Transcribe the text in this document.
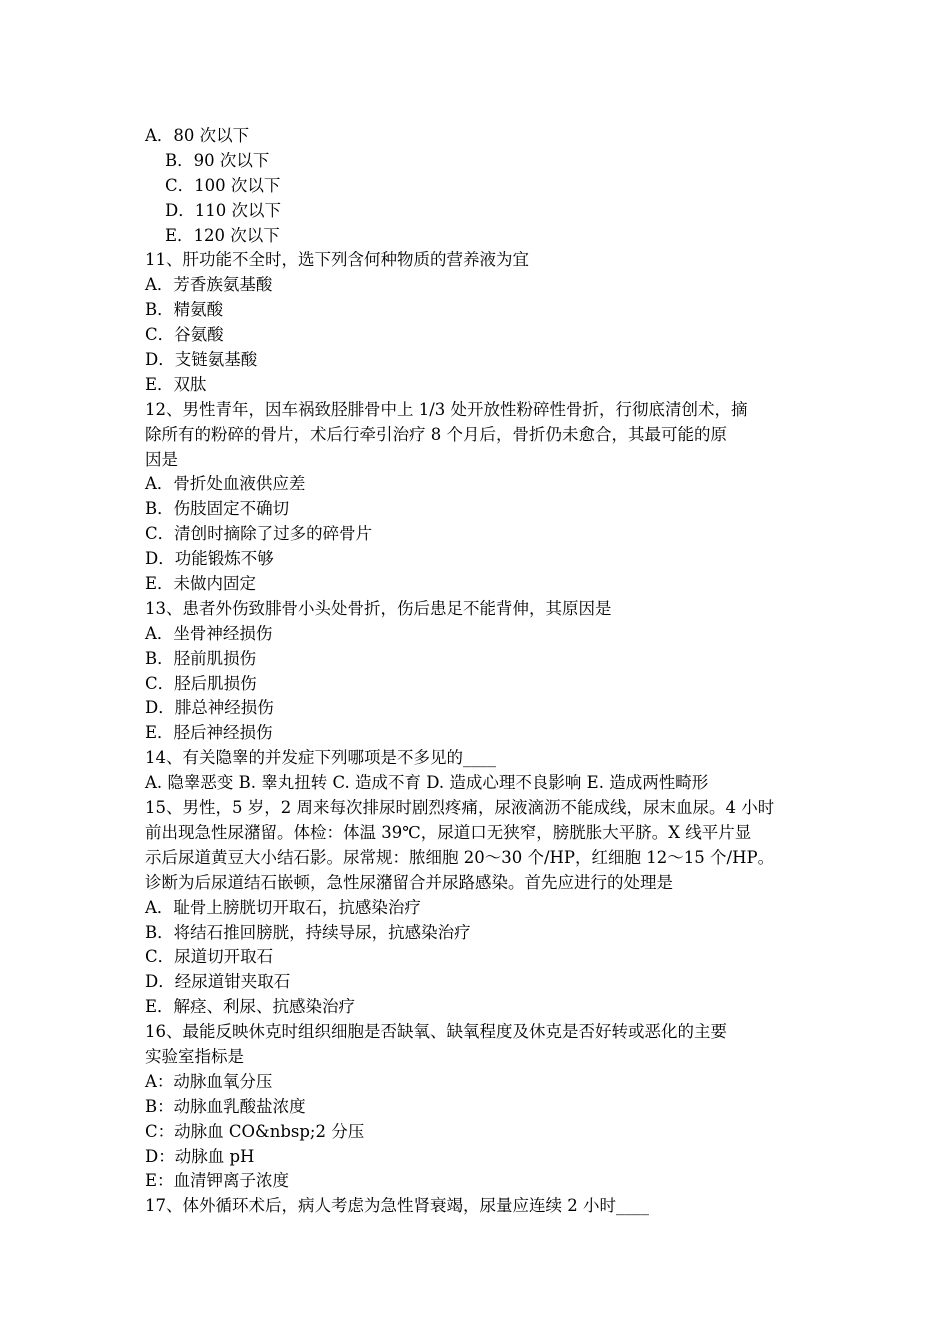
A．80 次以下
B．90 次以下
C．100 次以下
D．110 次以下
E．120 次以下
11、肝功能不全时，选下列含何种物质的营养液为宜
A．芳香族氨基酸
B．精氨酸
C．谷氨酸
D．支链氨基酸
E．双肽
12、男性青年，因车祸致胫腓骨中上 1/3 处开放性粉碎性骨折，行彻底清创术，摘
除所有的粉碎的骨片，术后行牵引治疗 8 个月后，骨折仍未愈合，其最可能的原
因是
A．骨折处血液供应差
B．伤肢固定不确切
C．清创时摘除了过多的碎骨片
D．功能锻炼不够
E．未做内固定
13、患者外伤致腓骨小头处骨折，伤后患足不能背伸，其原因是
A．坐骨神经损伤
B．胫前肌损伤
C．胫后肌损伤
D．腓总神经损伤
E．胫后神经损伤
14、有关隐睾的并发症下列哪项是不多见的____
A. 隐睾恶变 B. 睾丸扭转 C. 造成不育 D. 造成心理不良影响 E. 造成两性畸形
15、男性，5 岁，2 周来每次排尿时剧烈疼痛，尿液滴沥不能成线，尿末血尿。4 小时
前出现急性尿潴留。体检：体温 39℃，尿道口无狭窄，膀胱胀大平脐。X 线平片显
示后尿道黄豆大小结石影。尿常规：脓细胞 20～30 个/HP，红细胞 12～15 个/HP。
诊断为后尿道结石嵌顿，急性尿潴留合并尿路感染。首先应进行的处理是
A．耻骨上膀胱切开取石，抗感染治疗
B．将结石推回膀胱，持续导尿，抗感染治疗
C．尿道切开取石
D．经尿道钳夹取石
E．解痉、利尿、抗感染治疗
16、最能反映休克时组织细胞是否缺氧、缺氧程度及休克是否好转或恶化的主要
实验室指标是
A：动脉血氧分压
B：动脉血乳酸盐浓度
C：动脉血 CO&nbsp;2 分压
D：动脉血 pH
E：血清钾离子浓度
17、体外循环术后，病人考虑为急性肾衰竭，尿量应连续 2 小时____
